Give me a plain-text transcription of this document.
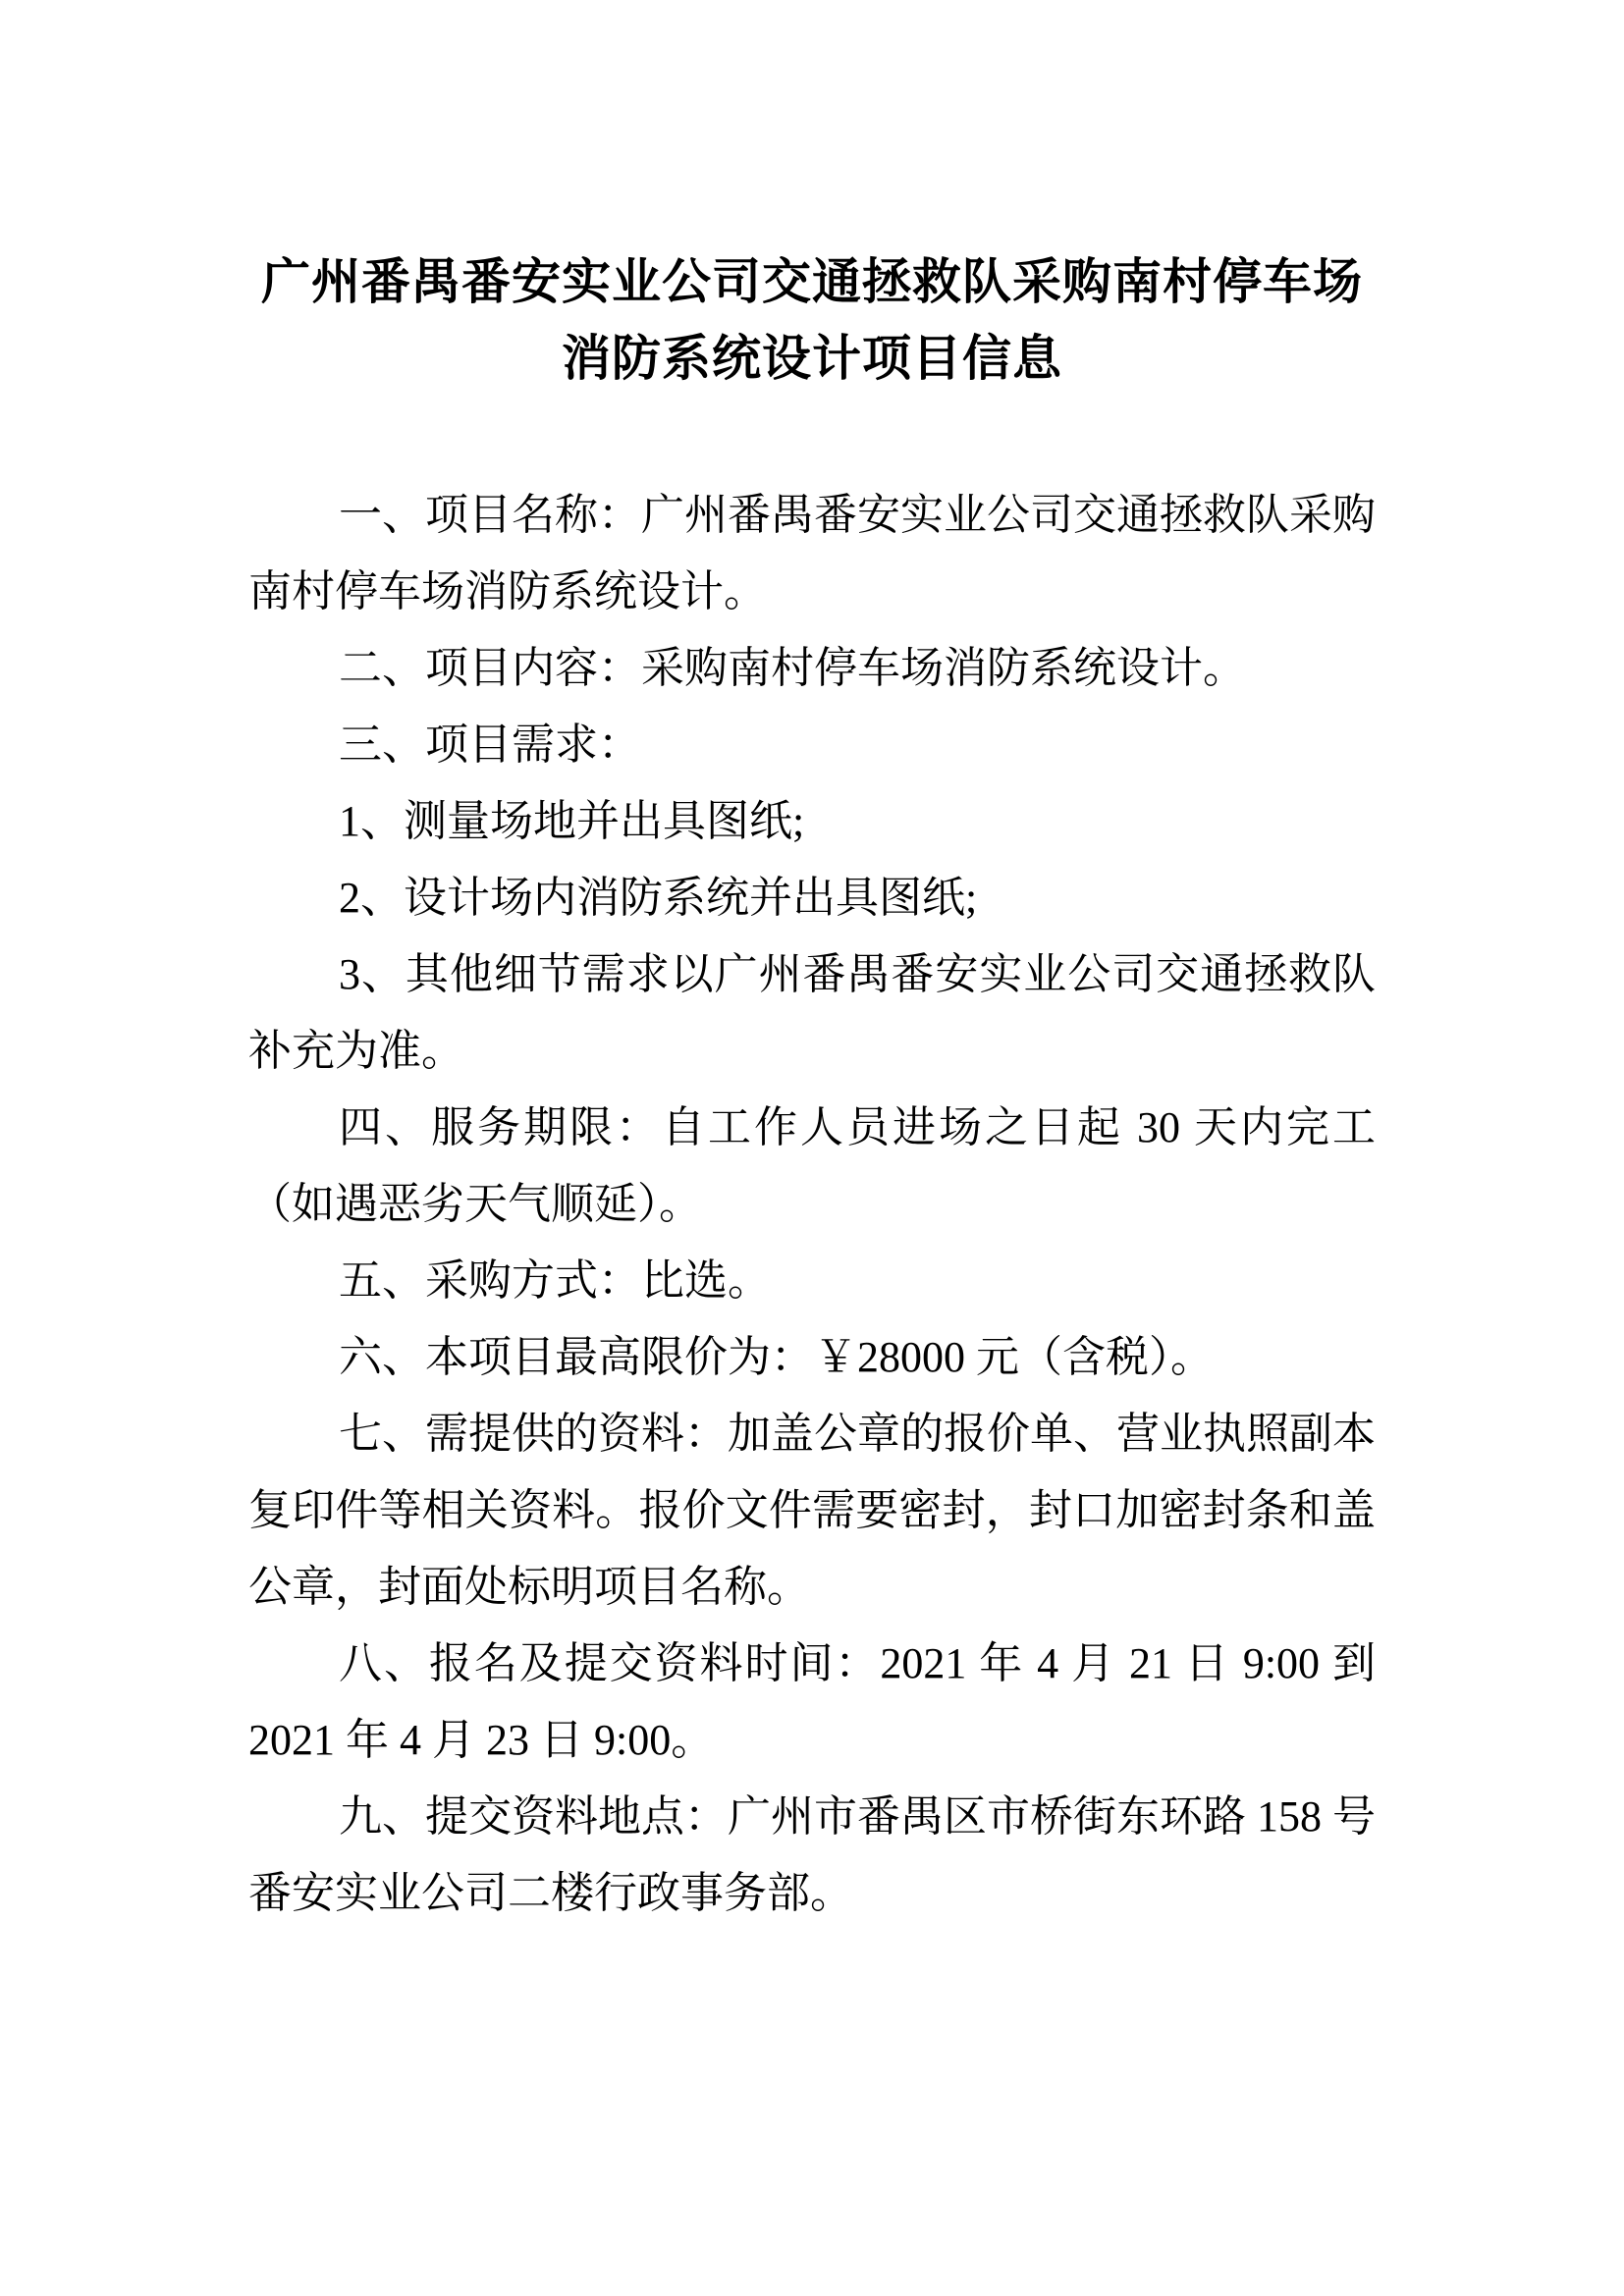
广州番禺番安实业公司交通拯救队采购南村停车场
消防系统设计项目信息

一、项目名称：广州番禺番安实业公司交通拯救队采购南村停车场消防系统设计。

二、项目内容：采购南村停车场消防系统设计。

三、项目需求：

1、测量场地并出具图纸;

2、设计场内消防系统并出具图纸;

3、其他细节需求以广州番禺番安实业公司交通拯救队补充为准。

四、服务期限：自工作人员进场之日起 30 天内完工（如遇恶劣天气顺延）。

五、采购方式：比选。

六、本项目最高限价为：￥28000 元（含税）。

七、需提供的资料：加盖公章的报价单、营业执照副本复印件等相关资料。报价文件需要密封，封口加密封条和盖公章，封面处标明项目名称。

八、报名及提交资料时间：2021 年 4 月 21 日 9:00 到 2021 年 4 月 23 日 9:00。

九、提交资料地点：广州市番禺区市桥街东环路 158 号番安实业公司二楼行政事务部。
